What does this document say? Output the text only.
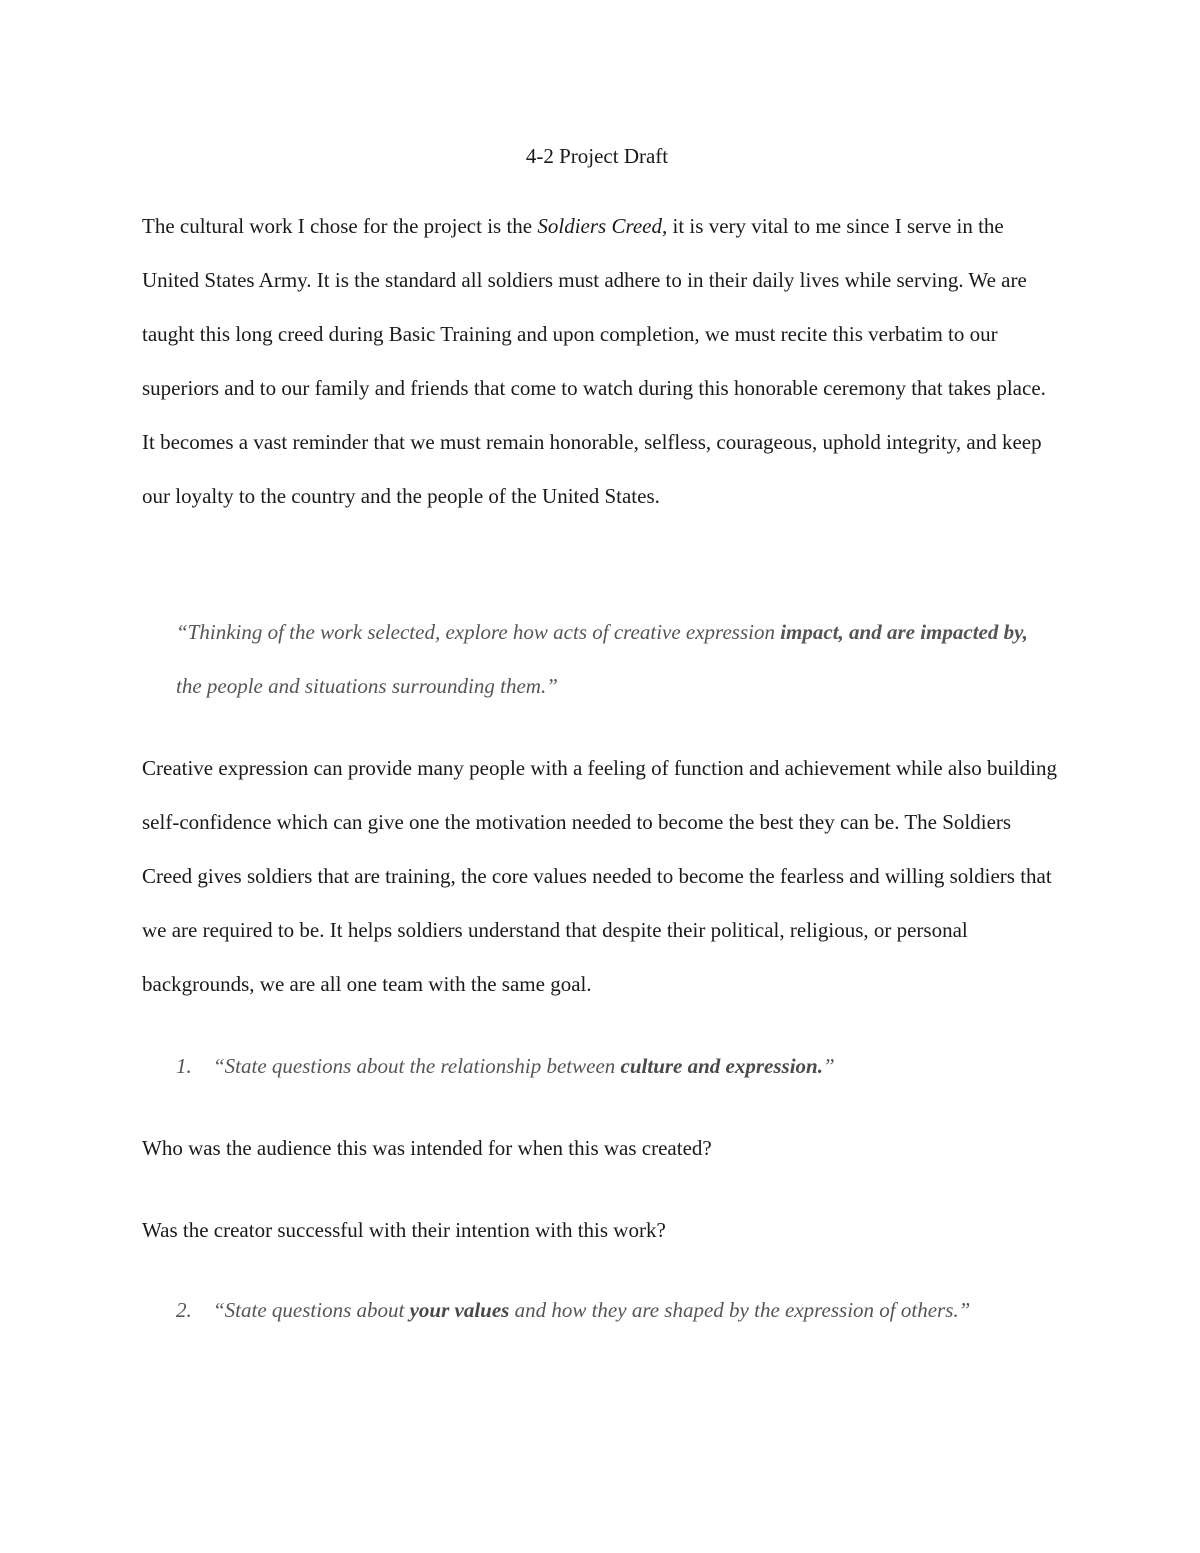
4-2 Project Draft

The cultural work I chose for the project is the Soldiers Creed, it is very vital to me since I serve in the United States Army. It is the standard all soldiers must adhere to in their daily lives while serving. We are taught this long creed during Basic Training and upon completion, we must recite this verbatim to our superiors and to our family and friends that come to watch during this honorable ceremony that takes place. It becomes a vast reminder that we must remain honorable, selfless, courageous, uphold integrity, and keep our loyalty to the country and the people of the United States.

“Thinking of the work selected, explore how acts of creative expression impact, and are impacted by, the people and situations surrounding them.”

Creative expression can provide many people with a feeling of function and achievement while also building self-confidence which can give one the motivation needed to become the best they can be. The Soldiers Creed gives soldiers that are training, the core values needed to become the fearless and willing soldiers that we are required to be. It helps soldiers understand that despite their political, religious, or personal backgrounds, we are all one team with the same goal.

1.	“State questions about the relationship between culture and expression.”

Who was the audience this was intended for when this was created?

Was the creator successful with their intention with this work?

2.	“State questions about your values and how they are shaped by the expression of others.”
